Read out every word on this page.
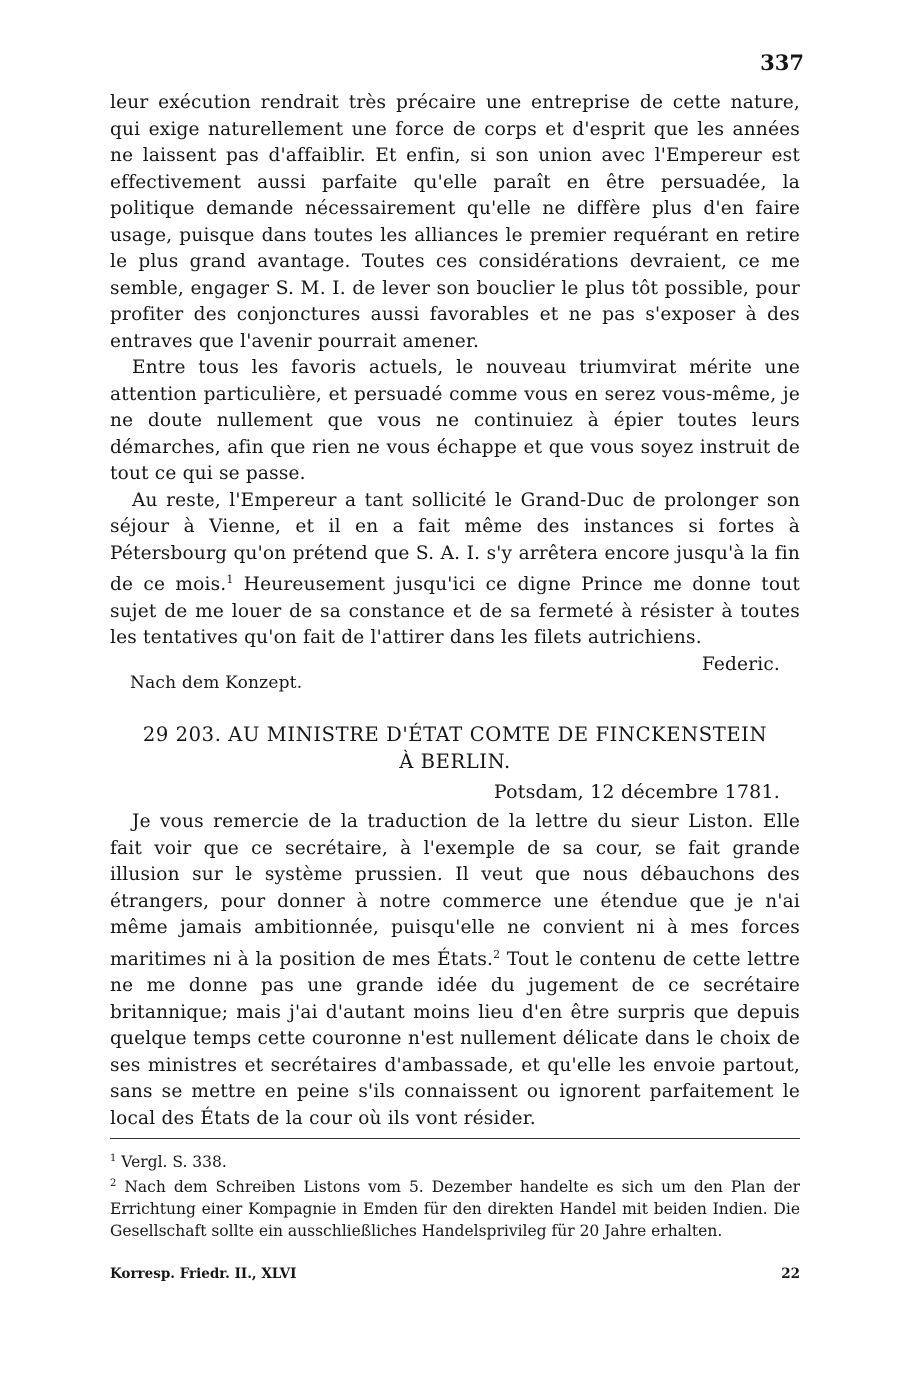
337

leur exécution rendrait très précaire une entreprise de cette nature, qui exige naturellement une force de corps et d'esprit que les années ne laissent pas d'affaiblir. Et enfin, si son union avec l'Empereur est effectivement aussi parfaite qu'elle paraît en être persuadée, la politique demande nécessairement qu'elle ne diffère plus d'en faire usage, puisque dans toutes les alliances le premier requérant en retire le plus grand avantage. Toutes ces considérations devraient, ce me semble, engager S. M. I. de lever son bouclier le plus tôt possible, pour profiter des conjonctures aussi favorables et ne pas s'exposer à des entraves que l'avenir pourrait amener.

Entre tous les favoris actuels, le nouveau triumvirat mérite une attention particulière, et persuadé comme vous en serez vous-même, je ne doute nullement que vous ne continuiez à épier toutes leurs démarches, afin que rien ne vous échappe et que vous soyez instruit de tout ce qui se passe.

Au reste, l'Empereur a tant sollicité le Grand-Duc de prolonger son séjour à Vienne, et il en a fait même des instances si fortes à Pétersbourg qu'on prétend que S. A. I. s'y arrêtera encore jusqu'à la fin de ce mois.$^1$ Heureusement jusqu'ici ce digne Prince me donne tout sujet de me louer de sa constance et de sa fermeté à résister à toutes les tentatives qu'on fait de l'attirer dans les filets autrichiens.

Federic.
Nach dem Konzept.
29 203. AU MINISTRE D'ÉTAT COMTE DE FINCKENSTEIN
À BERLIN.
Potsdam, 12 décembre 1781.

Je vous remercie de la traduction de la lettre du sieur Liston. Elle fait voir que ce secrétaire, à l'exemple de sa cour, se fait grande illusion sur le système prussien. Il veut que nous débauchons des étrangers, pour donner à notre commerce une étendue que je n'ai même jamais ambitionnée, puisqu'elle ne convient ni à mes forces maritimes ni à la position de mes États.$^2$ Tout le contenu de cette lettre ne me donne pas une grande idée du jugement de ce secrétaire britannique; mais j'ai d'autant moins lieu d'en être surpris que depuis quelque temps cette couronne n'est nullement délicate dans le choix de ses ministres et secrétaires d'ambassade, et qu'elle les envoie partout, sans se mettre en peine s'ils connaissent ou ignorent parfaitement le local des États de la cour où ils vont résider.

$^1$ Vergl. S. 338.

$^2$ Nach dem Schreiben Listons vom 5. Dezember handelte es sich um den Plan der Errichtung einer Kompagnie in Emden für den direkten Handel mit beiden Indien. Die Gesellschaft sollte ein ausschließliches Handelsprivileg für 20 Jahre erhalten.

Korresp. Friedr. II., XLVI	22
